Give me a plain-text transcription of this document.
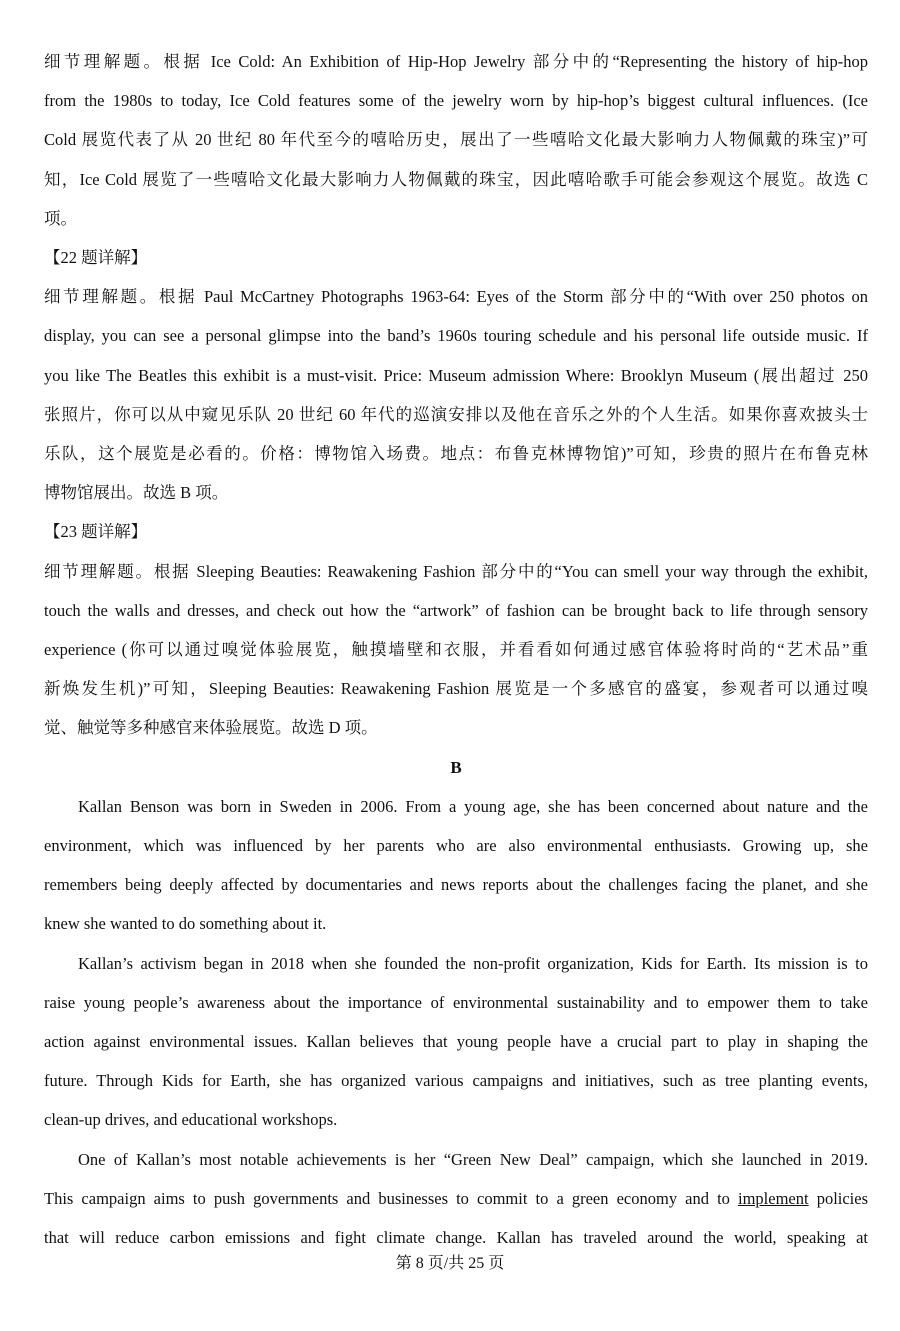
细节理解题。根据 Ice Cold: An Exhibition of Hip-Hop Jewelry 部分中的“Representing the history of hip-hop

from the 1980s to today, Ice Cold features some of the jewelry worn by hip-hop’s biggest cultural influences. (Ice

Cold 展览代表了从 20 世纪 80 年代至今的嘻哈历史，展出了一些嘻哈文化最大影响力人物佩戴的珠宝)”可

知，Ice Cold 展览了一些嘻哈文化最大影响力人物佩戴的珠宝，因此嘻哈歌手可能会参观这个展览。故选 C

项。

【22 题详解】

细节理解题。根据 Paul McCartney Photographs 1963-64: Eyes of the Storm 部分中的“With over 250 photos on

display, you can see a personal glimpse into the band’s 1960s touring schedule and his personal life outside music. If

you like The Beatles this exhibit is a must-visit. Price: Museum admission Where: Brooklyn Museum (展出超过 250

张照片，你可以从中窥见乐队 20 世纪 60 年代的巡演安排以及他在音乐之外的个人生活。如果你喜欢披头士

乐队，这个展览是必看的。价格：博物馆入场费。地点：布鲁克林博物馆)”可知，珍贵的照片在布鲁克林

博物馆展出。故选 B 项。

【23 题详解】

细节理解题。根据 Sleeping Beauties: Reawakening Fashion 部分中的“You can smell your way through the exhibit,

touch the walls and dresses, and check out how the “artwork” of fashion can be brought back to life through sensory

experience (你可以通过嗅觉体验展览，触摸墙壁和衣服，并看看如何通过感官体验将时尚的“艺术品”重

新焕发生机)”可知，Sleeping Beauties: Reawakening Fashion 展览是一个多感官的盛宴，参观者可以通过嗅

觉、触觉等多种感官来体验展览。故选 D 项。

B

Kallan Benson was born in Sweden in 2006. From a young age, she has been concerned about nature and the

environment, which was influenced by her parents who are also environmental enthusiasts. Growing up, she

remembers being deeply affected by documentaries and news reports about the challenges facing the planet, and she

knew she wanted to do something about it.

Kallan’s activism began in 2018 when she founded the non-profit organization, Kids for Earth. Its mission is to

raise young people’s awareness about the importance of environmental sustainability and to empower them to take

action against environmental issues. Kallan believes that young people have a crucial part to play in shaping the

future. Through Kids for Earth, she has organized various campaigns and initiatives, such as tree planting events,

clean-up drives, and educational workshops.

One of Kallan’s most notable achievements is her “Green New Deal” campaign, which she launched in 2019.

This campaign aims to push governments and businesses to commit to a green economy and to implement policies

that will reduce carbon emissions and fight climate change. Kallan has traveled around the world, speaking at

第 8 页/共 25 页
